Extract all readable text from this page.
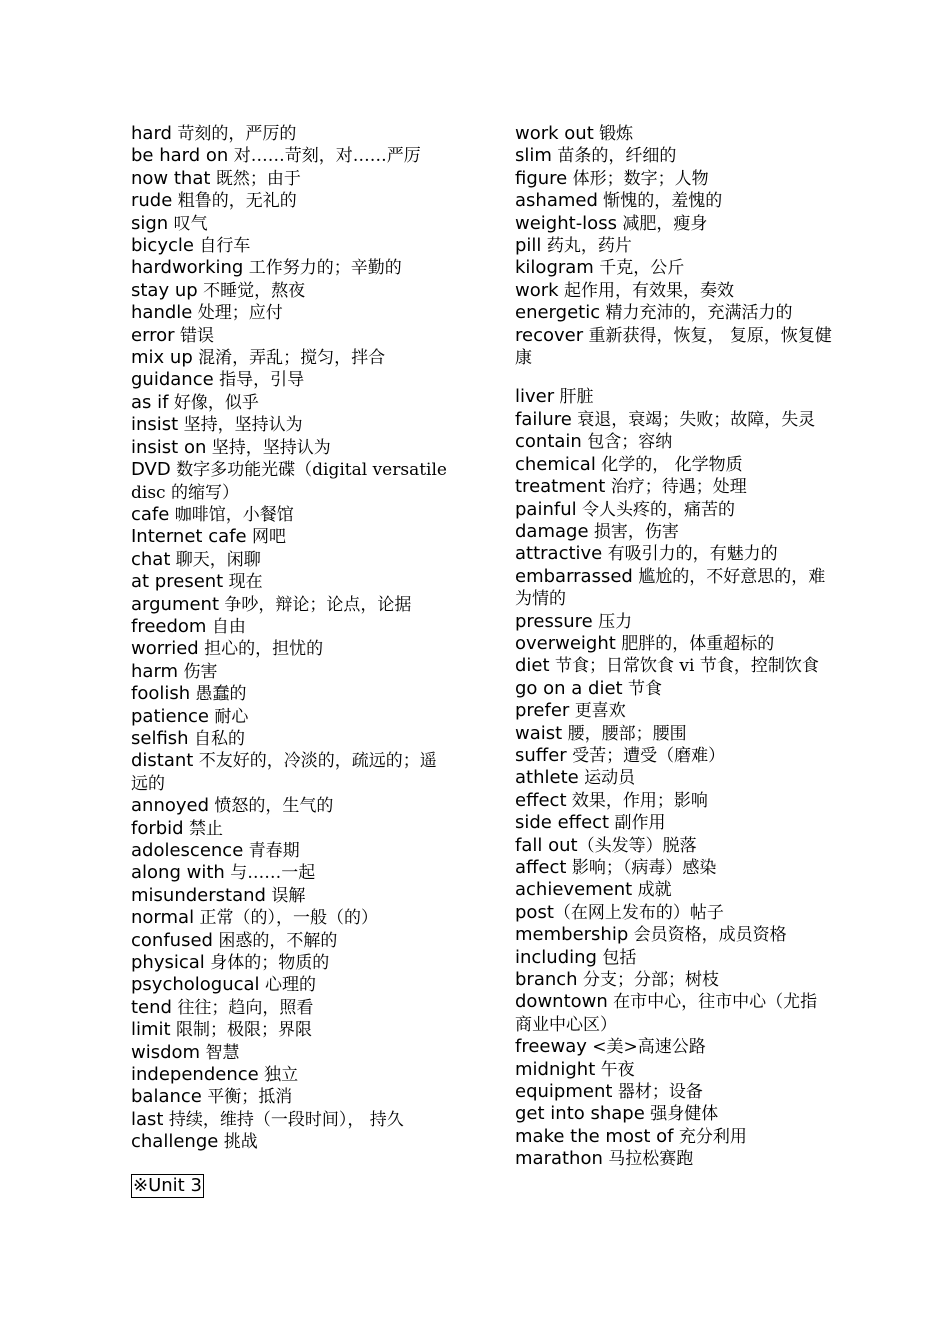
hard 苛刻的，严厉的
be hard on 对……苛刻，对……严厉
now that 既然；由于
rude 粗鲁的，无礼的
sign 叹气
bicycle 自行车
hardworking 工作努力的；辛勤的
stay up 不睡觉，熬夜
handle 处理；应付
error 错误
mix up 混淆，弄乱；搅匀，拌合
guidance 指导，引导
as if 好像，似乎
insist 坚持，坚持认为
insist on 坚持，坚持认为
DVD 数字多功能光碟（digital versatile disc 的缩写）
cafe 咖啡馆，小餐馆
Internet cafe 网吧
chat 聊天，闲聊
at present 现在
argument 争吵，辩论；论点，论据
freedom 自由
worried 担心的，担忧的
harm 伤害
foolish 愚蠢的
patience 耐心
selfish 自私的
distant 不友好的，冷淡的，疏远的；遥远的
annoyed 愤怒的，生气的
forbid 禁止
adolescence 青春期
along with 与……一起
misunderstand 误解
normal 正常（的），一般（的）
confused 困惑的，不解的
physical 身体的；物质的
psychologucal 心理的
tend 往往；趋向，照看
limit 限制；极限；界限
wisdom 智慧
independence 独立
balance 平衡；抵消
last 持续，维持（一段时间）， 持久
challenge 挑战
※Unit 3
work out 锻炼
slim 苗条的，纤细的
figure 体形；数字；人物
ashamed 惭愧的，羞愧的
weight-loss 减肥，瘦身
pill 药丸，药片
kilogram 千克，公斤
work 起作用，有效果，奏效
energetic 精力充沛的，充满活力的
recover 重新获得，恢复， 复原，恢复健康
liver 肝脏
failure 衰退，衰竭；失败；故障，失灵
contain 包含；容纳
chemical 化学的， 化学物质
treatment 治疗；待遇；处理
painful 令人头疼的，痛苦的
damage 损害，伤害
attractive 有吸引力的，有魅力的
embarrassed 尴尬的，不好意思的，难为情的
pressure 压力
overweight 肥胖的，体重超标的
diet 节食；日常饮食 vi 节食，控制饮食
go on a diet 节食
prefer 更喜欢
waist 腰，腰部；腰围
suffer 受苦；遭受（磨难）
athlete 运动员
effect 效果，作用；影响
side effect 副作用
fall out（头发等）脱落
affect 影响；（病毒）感染
achievement 成就
post（在网上发布的）帖子
membership 会员资格，成员资格
including 包括
branch 分支；分部；树枝
downtown 在市中心，往市中心（尤指商业中心区）
freeway <美>高速公路
midnight 午夜
equipment 器材；设备
get into shape 强身健体
make the most of 充分利用
marathon 马拉松赛跑
